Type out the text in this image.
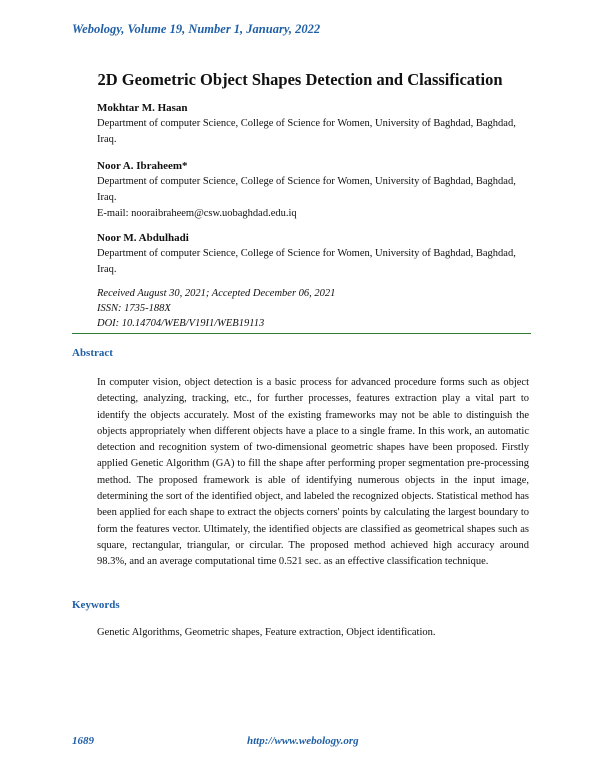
Webology, Volume 19, Number 1, January, 2022
2D Geometric Object Shapes Detection and Classification
Mokhtar M. Hasan
Department of computer Science, College of Science for Women, University of Baghdad, Baghdad,
Iraq.
Noor A. Ibraheem*
Department of computer Science, College of Science for Women, University of Baghdad, Baghdad,
Iraq.
E-mail: nooraibraheem@csw.uobaghdad.edu.iq
Noor M. Abdulhadi
Department of computer Science, College of Science for Women, University of Baghdad, Baghdad,
Iraq.
Received August 30, 2021; Accepted December 06, 2021
ISSN: 1735-188X
DOI: 10.14704/WEB/V19I1/WEB19113
Abstract
In computer vision, object detection is a basic process for advanced procedure forms such as object detecting, analyzing, tracking, etc., for further processes, features extraction play a vital part to identify the objects accurately. Most of the existing frameworks may not be able to distinguish the objects appropriately when different objects have a place to a single frame. In this work, an automatic detection and recognition system of two-dimensional geometric shapes have been proposed. Firstly applied Genetic Algorithm (GA) to fill the shape after performing proper segmentation pre-processing method. The proposed framework is able of identifying numerous objects in the input image, determining the sort of the identified object, and labeled the recognized objects. Statistical method has been applied for each shape to extract the objects corners' points by calculating the largest boundary to form the features vector. Ultimately, the identified objects are classified as geometrical shapes such as square, rectangular, triangular, or circular. The proposed method achieved high accuracy around 98.3%, and an average computational time 0.521 sec. as an effective classification technique.
Keywords
Genetic Algorithms, Geometric shapes, Feature extraction, Object identification.
1689	http://www.webology.org
